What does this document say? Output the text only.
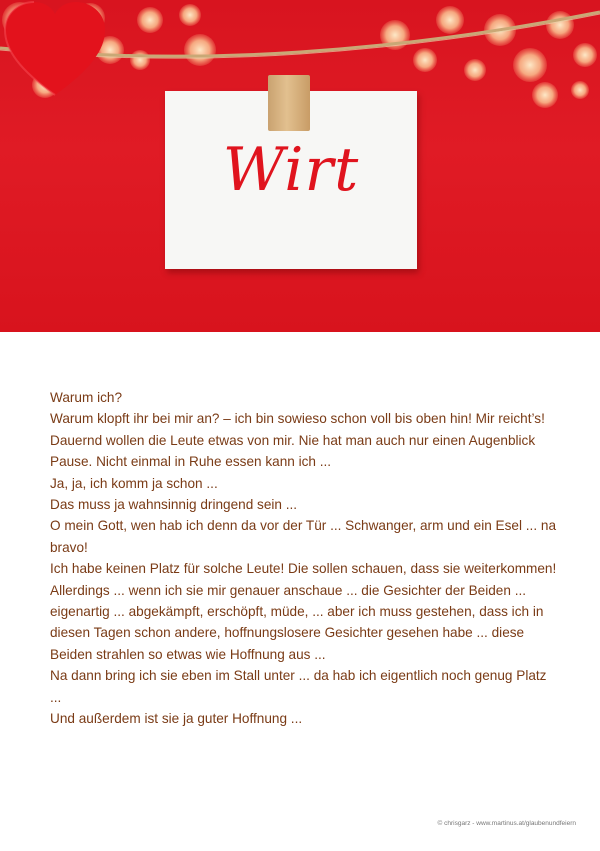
Wirt

Warum ich?

Warum klopft ihr bei mir an? – ich bin sowieso schon voll bis oben hin! Mir reicht’s!

Dauernd wollen die Leute etwas von mir. Nie hat man auch nur einen Augenblick Pause. Nicht einmal in Ruhe essen kann ich ...

Ja, ja, ich komm ja schon ...

Das muss ja wahnsinnig dringend sein ...

O mein Gott, wen hab ich denn da vor der Tür ... Schwanger, arm und ein Esel ... na bravo!

Ich habe keinen Platz für solche Leute! Die sollen schauen, dass sie weiterkommen!

Allerdings ... wenn ich sie mir genauer anschaue ... die Gesichter der Beiden ... eigenartig ... abgekämpft, erschöpft, müde, ... aber ich muss gestehen, dass ich in diesen Tagen schon andere, hoffnungslosere Gesichter gesehen habe ... diese Beiden strahlen so etwas wie Hoffnung aus ...

Na dann bring ich sie eben im Stall unter ... da hab ich eigentlich noch genug Platz ...

Und außerdem ist sie ja guter Hoffnung ...

© chrisgarz - www.martinus.at/glaubenundfeiern
